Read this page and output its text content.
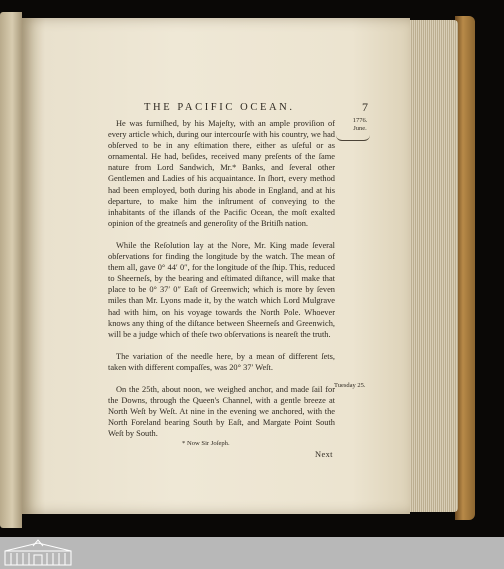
THE PACIFIC OCEAN.	7
1776.
June.
Tuesday 25.

He was furniſhed, by his Majeſty, with an ample proviſion of every article which, during our intercourſe with his country, we had obſerved to be in any eſtimation there, either as uſeful or as ornamental. He had, beſides, received many preſents of the ſame nature from Lord Sandwich, Mr.* Banks, and ſeveral other Gentlemen and Ladies of his acquaintance. In ſhort, every method had been employed, both during his abode in England, and at his departure, to make him the inſtrument of conveying to the inhabitants of the iſlands of the Pacific Ocean, the moſt exalted opinion of the greatneſs and generoſity of the Britiſh nation.

While the Reſolution lay at the Nore, Mr. King made ſeveral obſervations for finding the longitude by the watch. The mean of them all, gave 0° 44′ 0″, for the longitude of the ſhip. This, reduced to Sheerneſs, by the bearing and eſtimated diſtance, will make that place to be 0° 37′ 0″ Eaſt of Greenwich; which is more by ſeven miles than Mr. Lyons made it, by the watch which Lord Mulgrave had with him, on his voyage towards the North Pole. Whoever knows any thing of the diſtance between Sheerneſs and Greenwich, will be a judge which of theſe two obſervations is neareſt the truth.

The variation of the needle here, by a mean of different ſets, taken with different compaſſes, was 20° 37′ Weſt.

On the 25th, about noon, we weighed anchor, and made ſail for the Downs, through the Queen's Channel, with a gentle breeze at North Weſt by Weſt. At nine in the evening we anchored, with the North Foreland bearing South by Eaſt, and Margate Point South Weſt by South.

* Now Sir Joſeph.
Next
